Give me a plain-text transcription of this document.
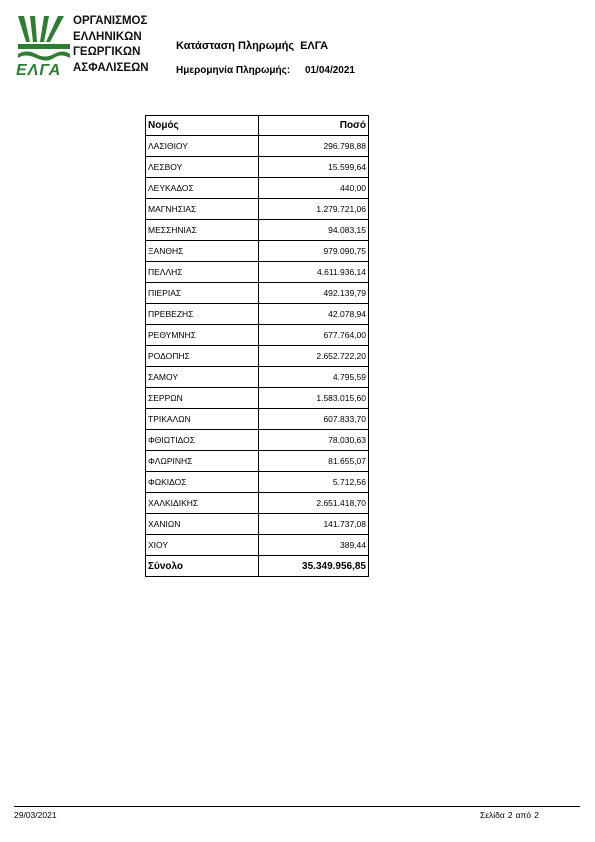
ΟΡΓΑΝΙΣΜΟΣ
ΕΛΛΗΝΙΚΩΝ
ΓΕΩΡΓΙΚΩΝ
ΑΣΦΑΛΙΣΕΩΝ
ΕΛΓΑ
Κατάσταση Πληρωμής ΕΛΓΑ
Ημερομηνία Πληρωμής: 01/04/2021
Νομός	Ποσό
ΛΑΣΙΘΙΟΥ	296.798,88
ΛΕΣΒΟΥ	15.599,64
ΛΕΥΚΑΔΟΣ	440,00
ΜΑΓΝΗΣΙΑΣ	1.279.721,06
ΜΕΣΣΗΝΙΑΣ	94.083,15
ΞΑΝΘΗΣ	979.090,75
ΠΕΛΛΗΣ	4.611.936,14
ΠΙΕΡΙΑΣ	492.139,79
ΠΡΕΒΕΖΗΣ	42.078,94
ΡΕΘΥΜΝΗΣ	677.764,00
ΡΟΔΟΠΗΣ	2.652.722,20
ΣΑΜΟΥ	4.795,59
ΣΕΡΡΩΝ	1.583.015,60
ΤΡΙΚΑΛΩΝ	607.833,70
ΦΘΙΩΤΙΔΟΣ	78.030,63
ΦΛΩΡΙΝΗΣ	81.655,07
ΦΩΚΙΔΟΣ	5.712,56
ΧΑΛΚΙΔΙΚΗΣ	2.651.418,70
ΧΑΝΙΩΝ	141.737,08
ΧΙΟΥ	389,44
Σύνολο	35.349.956,85
29/03/2021	Σελίδα 2 από 2
